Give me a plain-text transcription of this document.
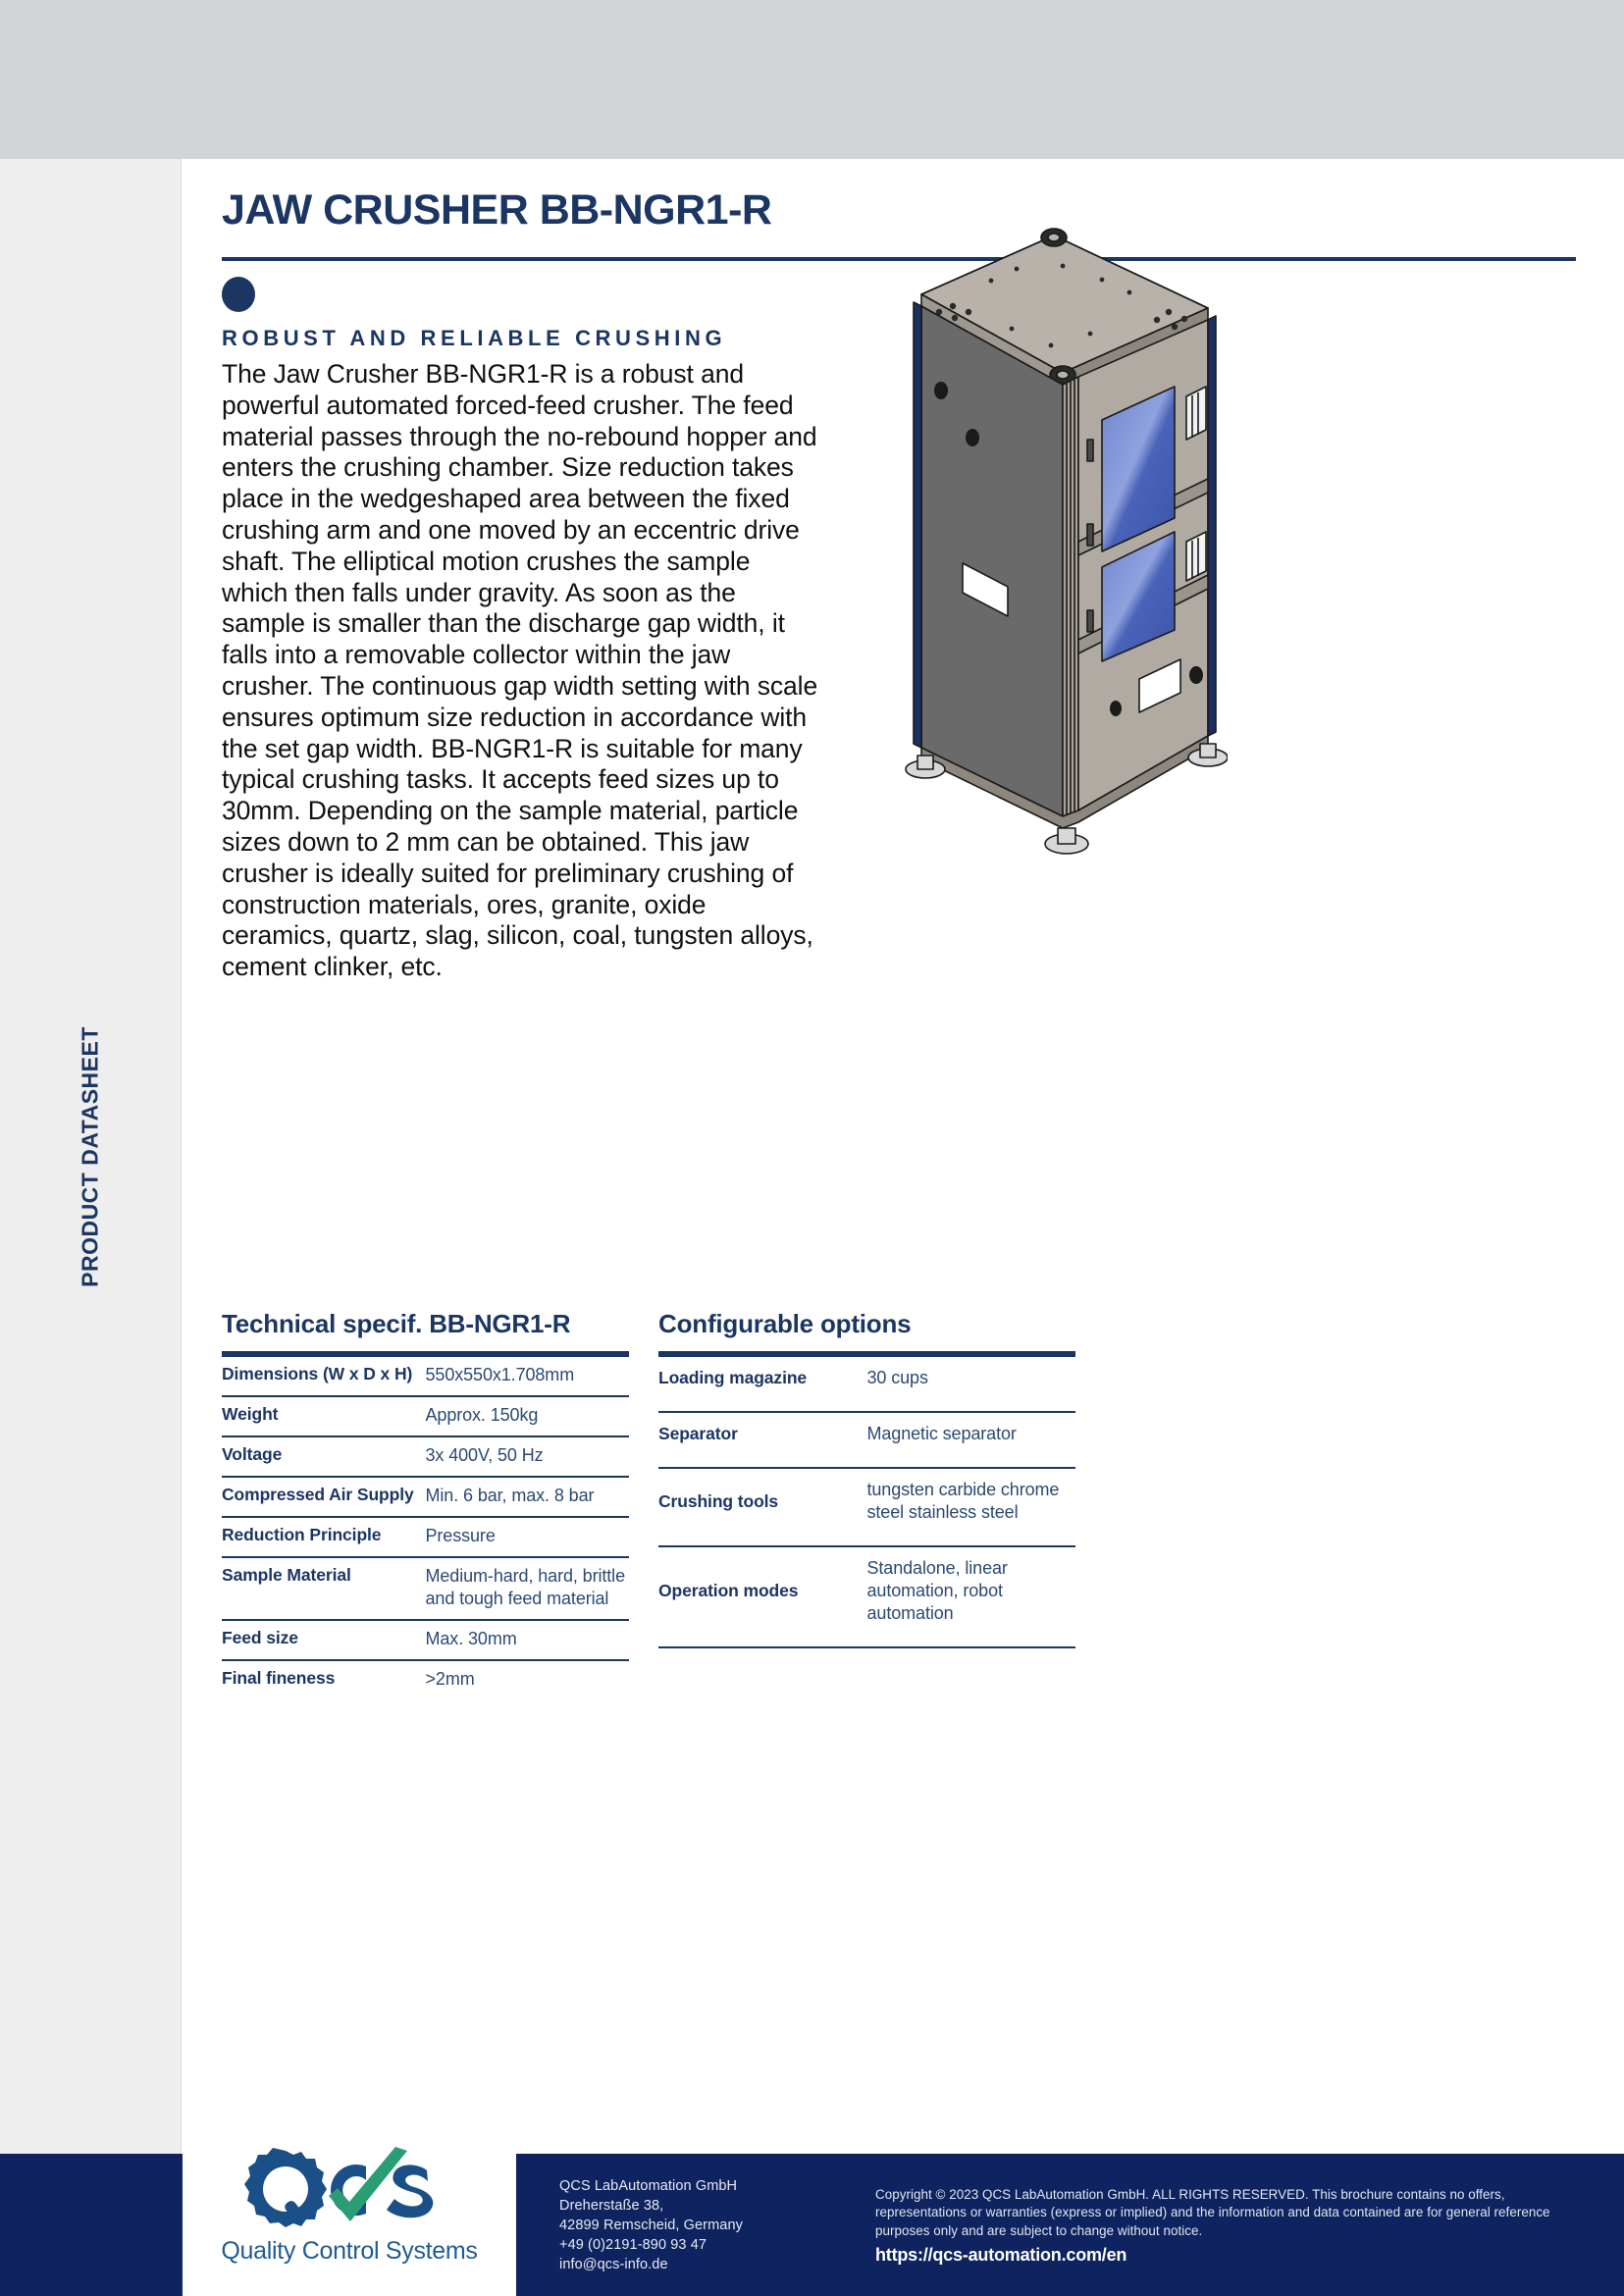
PRODUCT DATASHEET
JAW CRUSHER BB-NGR1-R
ROBUST AND RELIABLE CRUSHING

The Jaw Crusher BB-NGR1-R is a robust and powerful automated forced-feed crusher. The feed material passes through the no-rebound hopper and enters the crushing chamber. Size reduction takes place in the wedgeshaped area between the fixed crushing arm and one moved by an eccentric drive shaft. The elliptical motion crushes the sample which then falls under gravity. As soon as the sample is smaller than the discharge gap width, it falls into a removable collector within the jaw crusher. The continuous gap width setting with scale ensures optimum size reduction in accordance with the set gap width. BB-NGR1-R is suitable for many typical crushing tasks. It accepts feed sizes up to 30mm. Depending on the sample material, particle sizes down to 2 mm can be obtained. This jaw crusher is ideally suited for preliminary crushing of construction materials, ores, granite, oxide ceramics, quartz, slag, silicon, coal, tungsten alloys, cement clinker, etc.

Technical specif. BB-NGR1-R
Dimensions (W x D x H)	550x550x1.708mm
Weight	Approx. 150kg
Voltage	3x 400V, 50 Hz
Compressed Air Supply	Min. 6 bar, max. 8 bar
Reduction Principle	Pressure
Sample Material	Medium-hard, hard, brittle and tough feed material
Feed size	Max. 30mm
Final fineness	>2mm
Configurable options
Loading magazine	30 cups
Separator	Magnetic separator
Crushing tools	tungsten carbide chrome steel stainless steel
Operation modes	Standalone, linear automation, robot automation
QCS LabAutomation GmbH
Dreherstaße 38,
42899 Remscheid, Germany
+49 (0)2191-890 93 47
info@qcs-info.de
Copyright © 2023 QCS LabAutomation GmbH. ALL RIGHTS RESERVED. This brochure contains no offers, representations or warranties (express or implied) and the information and data contained are for general reference purposes only and are subject to change without notice.
https://qcs-automation.com/en
Quality Control Systems
